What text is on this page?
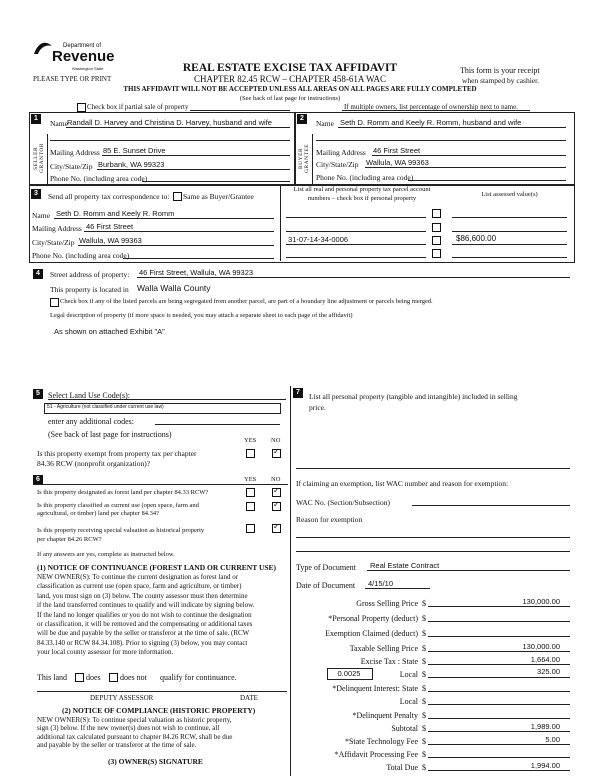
Department of
Revenue
Washington State
PLEASE TYPE OR PRINT
REAL ESTATE EXCISE TAX AFFIDAVIT
CHAPTER 82.45 RCW – CHAPTER 458-61A WAC
THIS AFFIDAVIT WILL NOT BE ACCEPTED UNLESS ALL AREAS ON ALL PAGES ARE FULLY COMPLETED
(See back of last page for instructions)
This form is your receipt
when stamped by cashier.
Check box if partial sale of property	If multiple owners, list percentage of ownership next to name.
1
SELLER GRANTOR
Name Randall D. Harvey and Christina D. Harvey, husband and wife
Mailing Address 85 E. Sunset Drive
City/State/Zip Burbank, WA 99323
Phone No. (including area code)
2
BUYER GRANTEE
Name Seth D. Romm and Keely R. Romm, husband and wife
Mailing Address 46 First Street
City/State/Zip Wallula, WA 99363
Phone No. (including area code)
3	Send all property tax correspondence to: Same as Buyer/Grantee
Name Seth D. Romm and Keely R. Romm
Mailing Address 46 First Street
City/State/Zip Wallula, WA 99363
Phone No. (including area code)
List all real and personal property tax parcel account
numbers – check box if personal property
List assessed value(s)
31-07-14-34-0006	$86,600.00
4	Street address of property: 46 First Street, Wallula, WA 99323
This property is located in Walla Walla County
Check box if any of the listed parcels are being segregated from another parcel, are part of a boundary line adjustment or parcels being merged.
Legal description of property (if more space is needed, you may attach a separate sheet to each page of the affidavit)
As shown on attached Exhibit "A"
5	Select Land Use Code(s):
51 - Agriculture (not classified under current use law)
enter any additional codes:
(See back of last page for instructions)
YES NO
Is this property exempt from property tax per chapter
84.36 RCW (nonprofit organization)?
✓
6	YES NO
Is this property designated as forest land per chapter 84.33 RCW?
✓
Is this property classified as current use (open space, farm and
agricultural, or timber) land per chapter 84.34?
✓
Is this property receiving special valuation as historical property
per chapter 84.26 RCW?
✓
If any answers are yes, complete as instructed below.
(1) NOTICE OF CONTINUANCE (FOREST LAND OR CURRENT USE)
NEW OWNER(S): To continue the current designation as forest land or
classification as current use (open space, farm and agriculture, or timber)
land, you must sign on (3) below. The county assessor must then determine
if the land transferred continues to qualify and will indicate by signing below.
If the land no longer qualifies or you do not wish to continue the designation
or classification, it will be removed and the compensating or additional taxes
will be due and payable by the seller or transferor at the time of sale. (RCW
84.33.140 or RCW 84.34.108). Prior to signing (3) below, you may contact
your local county assessor for more information.
This land does does not qualify for continuance.
DEPUTY ASSESSOR	DATE
(2) NOTICE OF COMPLIANCE (HISTORIC PROPERTY)
NEW OWNER(S): To continue special valuation as historic property,
sign (3) below. If the new owner(s) does not wish to continue, all
additional tax calculated pursuant to chapter 84.26 RCW, shall be due
and payable by the seller or transferor at the time of sale.
(3) OWNER(S) SIGNATURE
7	List all personal property (tangible and intangible) included in selling
price.
If claiming an exemption, list WAC number and reason for exemption:
WAC No. (Section/Subsection)
Reason for exemption
Type of Document Real Estate Contract
Date of Document 4/15/10
Gross Selling Price $	130,000.00
*Personal Property (deduct) $
Exemption Claimed (deduct) $
Taxable Selling Price $	130,000.00
Excise Tax : State $	1,664.00
0.0025	Local $	325.00
*Delinquent Interest: State $
Local $
*Delinquent Penalty $
Subtotal $	1,989.00
*State Technology Fee $	5.00
*Affidavit Processing Fee $
Total Due $	1,994.00
